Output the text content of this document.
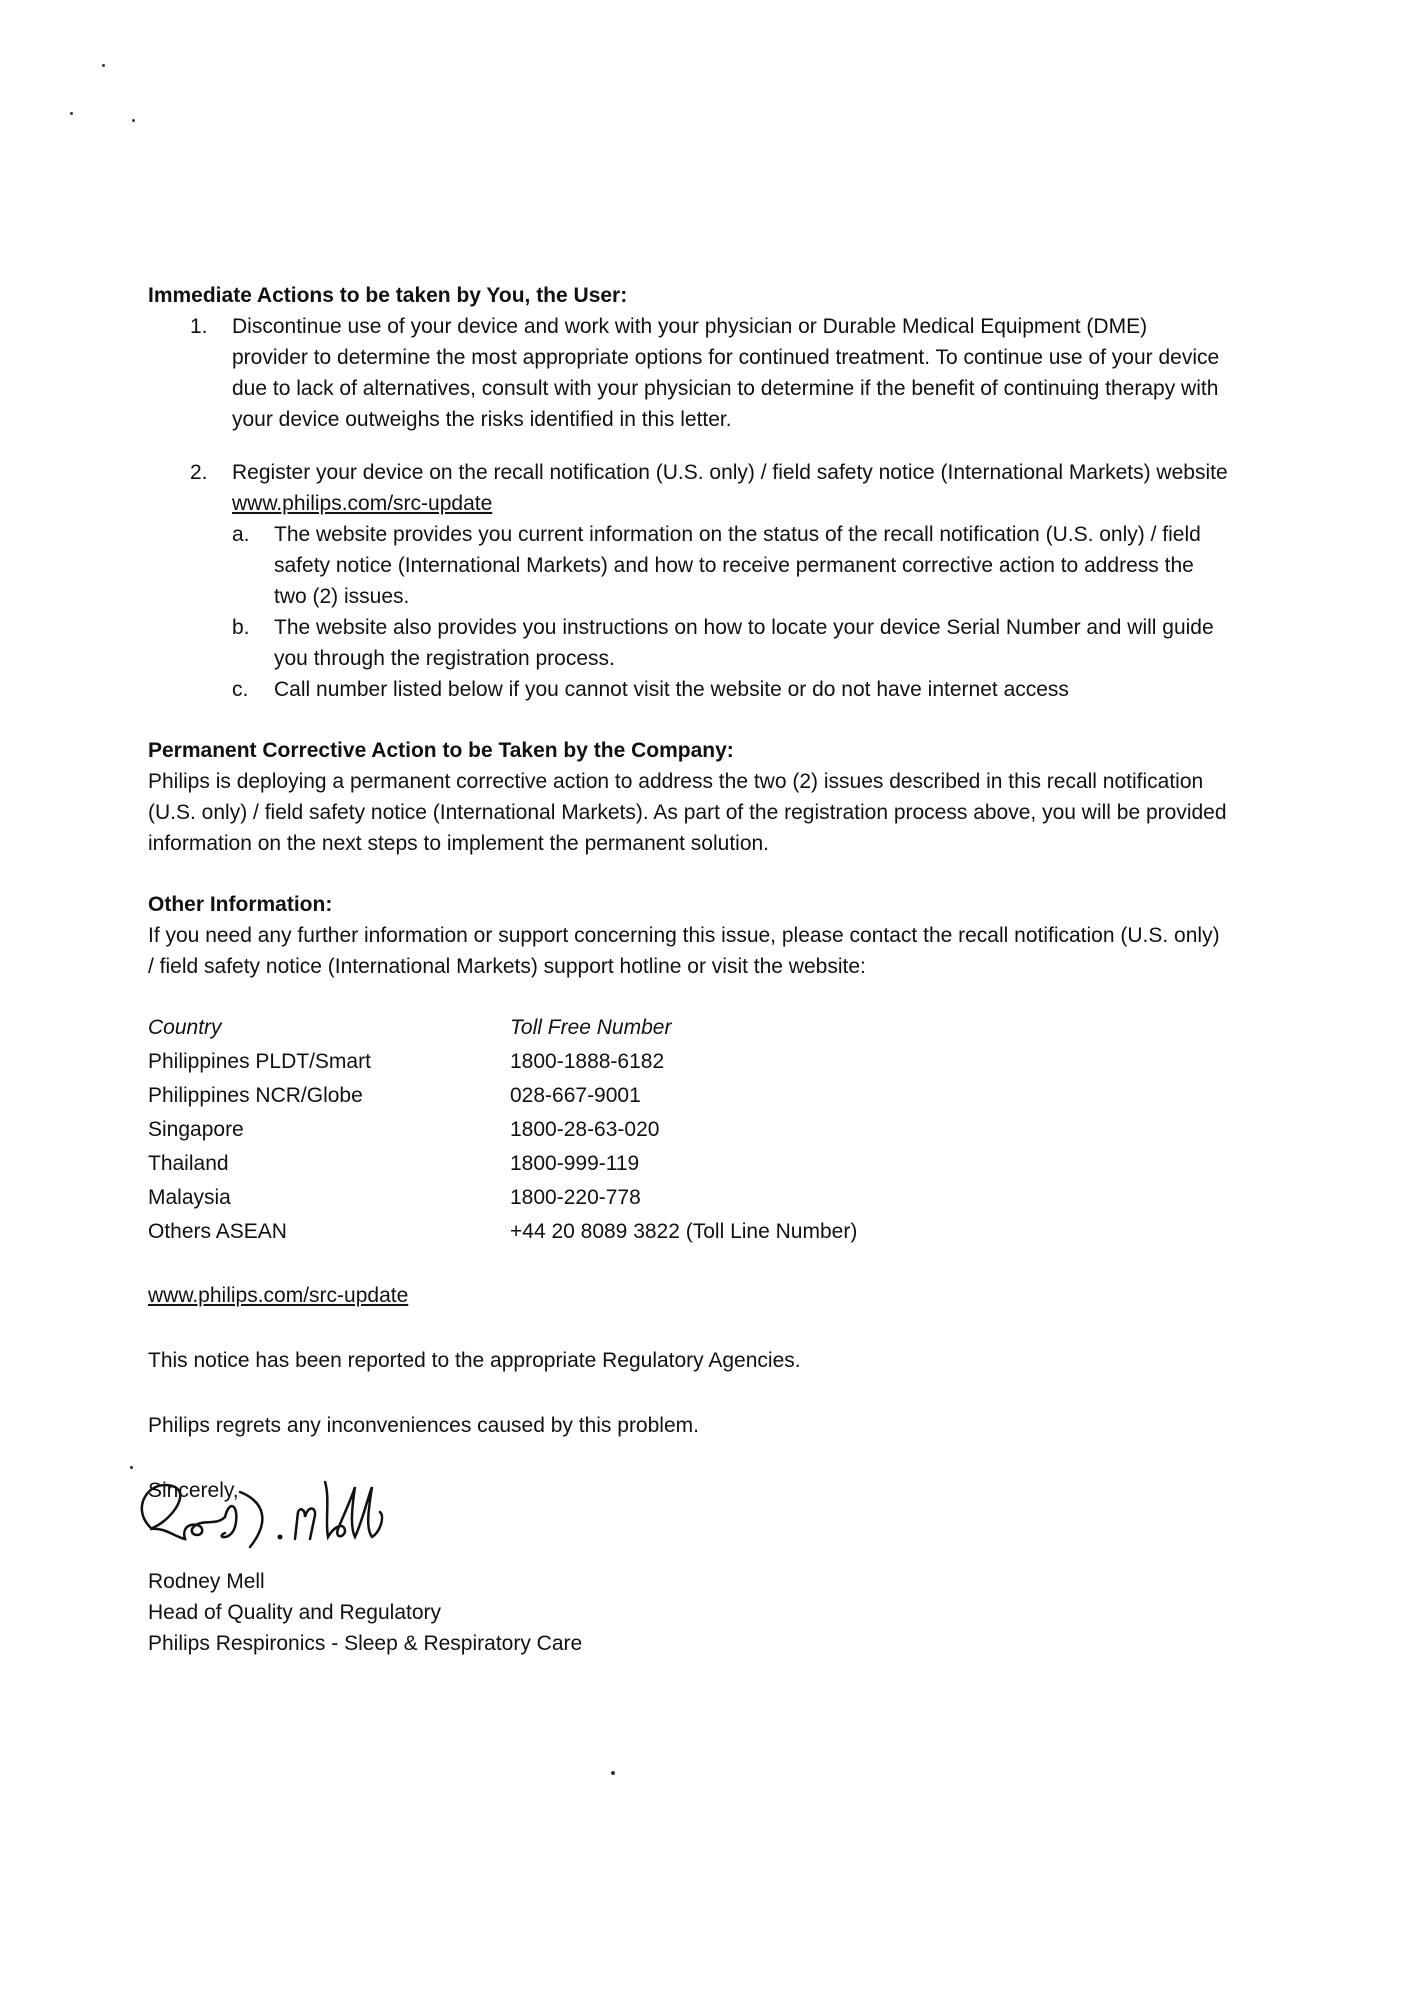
Immediate Actions to be taken by You, the User:

1. Discontinue use of your device and work with your physician or Durable Medical Equipment (DME) provider to determine the most appropriate options for continued treatment. To continue use of your device due to lack of alternatives, consult with your physician to determine if the benefit of continuing therapy with your device outweighs the risks identified in this letter.
2. Register your device on the recall notification (U.S. only) / field safety notice (International Markets) website www.philips.com/src-update
a. The website provides you current information on the status of the recall notification (U.S. only) / field safety notice (International Markets) and how to receive permanent corrective action to address the two (2) issues.
b. The website also provides you instructions on how to locate your device Serial Number and will guide you through the registration process.
c. Call number listed below if you cannot visit the website or do not have internet access

Permanent Corrective Action to be Taken by the Company:

Philips is deploying a permanent corrective action to address the two (2) issues described in this recall notification (U.S. only) / field safety notice (International Markets). As part of the registration process above, you will be provided information on the next steps to implement the permanent solution.

Other Information:

If you need any further information or support concerning this issue, please contact the recall notification (U.S. only) / field safety notice (International Markets) support hotline or visit the website:

Country	Toll Free Number
Philippines PLDT/Smart	1800-1888-6182
Philippines NCR/Globe	028-667-9001
Singapore	1800-28-63-020
Thailand	1800-999-119
Malaysia	1800-220-778
Others ASEAN	+44 20 8089 3822 (Toll Line Number)
www.philips.com/src-update

This notice has been reported to the appropriate Regulatory Agencies.

Philips regrets any inconveniences caused by this problem.

Sincerely,

Rodney Mell

Head of Quality and Regulatory

Philips Respironics - Sleep & Respiratory Care
